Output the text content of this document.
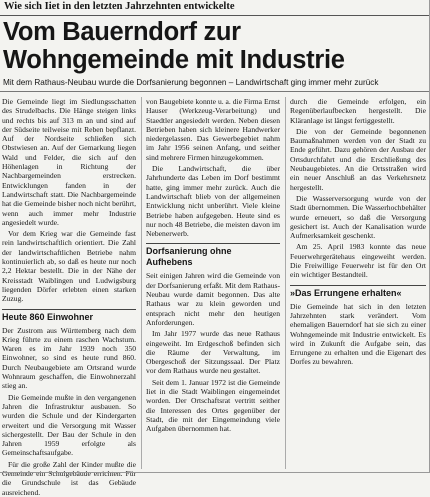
Wie sich Iiet in den letzten Jahrzehnten entwickelte
Vom Bauerndorf zur
Wohngemeinde mit Industrie
Mit dem Rathaus-Neubau wurde die Dorfsanierung begonnen – Landwirtschaft ging immer mehr zurück

Die Gemeinde liegt im Siedlungsschatten des Strudelbachs. Die Hänge steigen links und rechts bis auf 313 m an und sind auf der Südseite teilweise mit Reben bepflanzt. Auf der Nordseite schließen sich Obstwiesen an. Auf der Gemarkung liegen Wald und Felder, die sich auf den Höhenlagen in Richtung der Nachbargemeinden erstrecken. Entwicklungen fanden in der Landwirtschaft statt. Die Nachbargemeinde hat die Gemeinde bisher noch nicht berührt, wenn auch immer mehr Industrie angesiedelt wurde.

Vor dem Krieg war die Gemeinde fast rein landwirtschaftlich orientiert. Die Zahl der landwirtschaftlichen Betriebe nahm kontinuierlich ab, so daß es heute nur noch 2,2 Hektar bestellt. Die in der Nähe der Kreisstadt Waiblingen und Ludwigsburg liegenden Dörfer erlebten einen starken Zuzug.

Heute 860 Einwohner

Der Zustrom aus Württemberg nach dem Krieg führte zu einem raschen Wachstum. Waren es im Jahr 1939 noch 350 Einwohner, so sind es heute rund 860. Durch Neubaugebiete am Ortsrand wurde Wohnraum geschaffen, die Einwohnerzahl stieg an.

Die Gemeinde mußte in den vergangenen Jahren die Infrastruktur ausbauen. So wurden die Schule und der Kindergarten erweitert und die Versorgung mit Wasser sichergestellt. Der Bau der Schule in den Jahren 1959 erfolgte als Gemeinschaftsaufgabe.

Für die große Zahl der Kinder mußte die Gemeinde ein Schulgebäude errichten. Für die Grundschule ist das Gebäude ausreichend.

von Baugebiete konnte u. a. die Firma Ernst Hauser (Werkzeug-Verarbeitung) und Staedtler angesiedelt werden. Neben diesen Betrieben haben sich kleinere Handwerker niedergelassen. Das Gewerbegebiet nahm im Jahr 1956 seinen Anfang, und seither sind mehrere Firmen hinzugekommen.

Die Landwirtschaft, die über Jahrhunderte das Leben im Dorf bestimmt hatte, ging immer mehr zurück. Auch die Landwirtschaft blieb von der allgemeinen Entwicklung nicht unberührt. Viele kleine Betriebe haben aufgegeben. Heute sind es nur noch 48 Betriebe, die meisten davon im Nebenerwerb.

Dorfsanierung ohne Aufhebens

Seit einigen Jahren wird die Gemeinde von der Dorfsanierung erfaßt. Mit dem Rathaus-Neubau wurde damit begonnen. Das alte Rathaus war zu klein geworden und entsprach nicht mehr den heutigen Anforderungen.

Im Jahr 1977 wurde das neue Rathaus eingeweiht. Im Erdgeschoß befinden sich die Räume der Verwaltung, im Obergeschoß der Sitzungssaal. Der Platz vor dem Rathaus wurde neu gestaltet.

Seit dem 1. Januar 1972 ist die Gemeinde Iiet in die Stadt Waiblingen eingemeindet worden. Der Ortschaftsrat vertritt seither die Interessen des Ortes gegenüber der Stadt, die mit der Eingemeindung viele Aufgaben übernommen hat.

durch die Gemeinde erfolgen, ein Regenüberlaufbecken hergestellt. Die Kläranlage ist längst fertiggestellt.

Die von der Gemeinde begonnenen Baumaßnahmen werden von der Stadt zu Ende geführt. Dazu gehören der Ausbau der Ortsdurchfahrt und die Erschließung des Neubaugebietes. An die Ortsstraßen wird ein neuer Anschluß an das Verkehrsnetz hergestellt.

Die Wasserversorgung wurde von der Stadt übernommen. Die Wasserhochbehälter wurde erneuert, so daß die Versorgung gesichert ist. Auch der Kanalisation wurde Aufmerksamkeit geschenkt.

Am 25. April 1983 konnte das neue Feuerwehrgerätehaus eingeweiht werden. Die Freiwillige Feuerwehr ist für den Ort ein wichtiger Bestandteil.

»Das Errungene erhalten«

Die Gemeinde hat sich in den letzten Jahrzehnten stark verändert. Vom ehemaligen Bauerndorf hat sie sich zu einer Wohngemeinde mit Industrie entwickelt. Es wird in Zukunft die Aufgabe sein, das Errungene zu erhalten und die Eigenart des Dorfes zu bewahren.
